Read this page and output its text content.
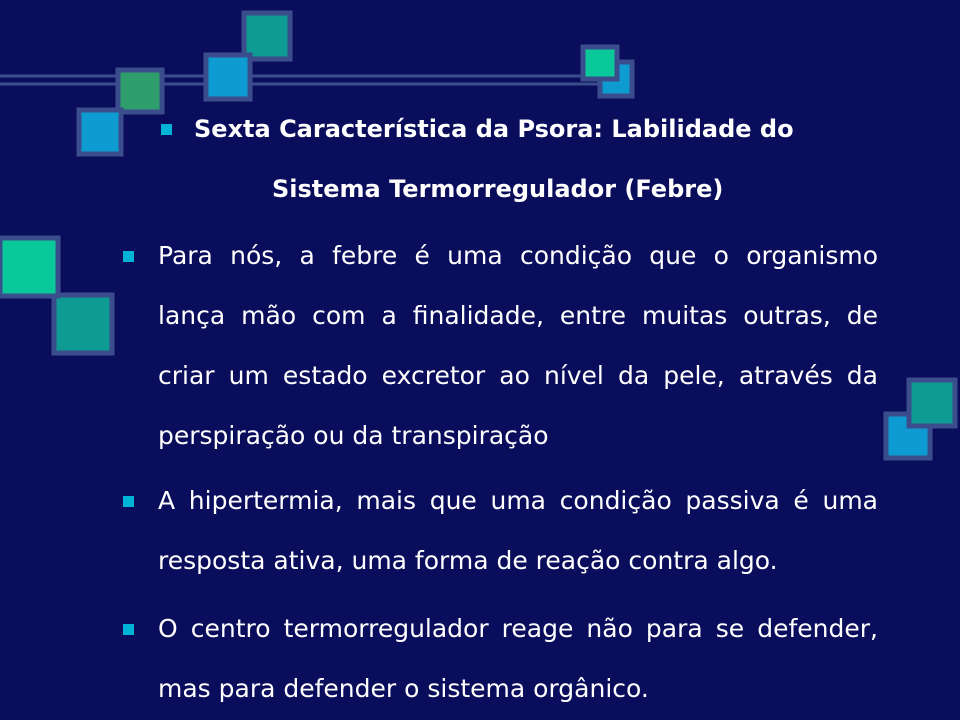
Sexta Característica da Psora: Labilidade do
Sistema Termorregulador (Febre)
Para nós, a febre é uma condição que o organismo
lança mão com a finalidade, entre muitas outras, de
criar um estado excretor ao nível da pele, através da
perspiração ou da transpiração
A hipertermia, mais que uma condição passiva é uma
resposta ativa, uma forma de reação contra algo.
O centro termorregulador reage não para se defender,
mas para defender o sistema orgânico.
